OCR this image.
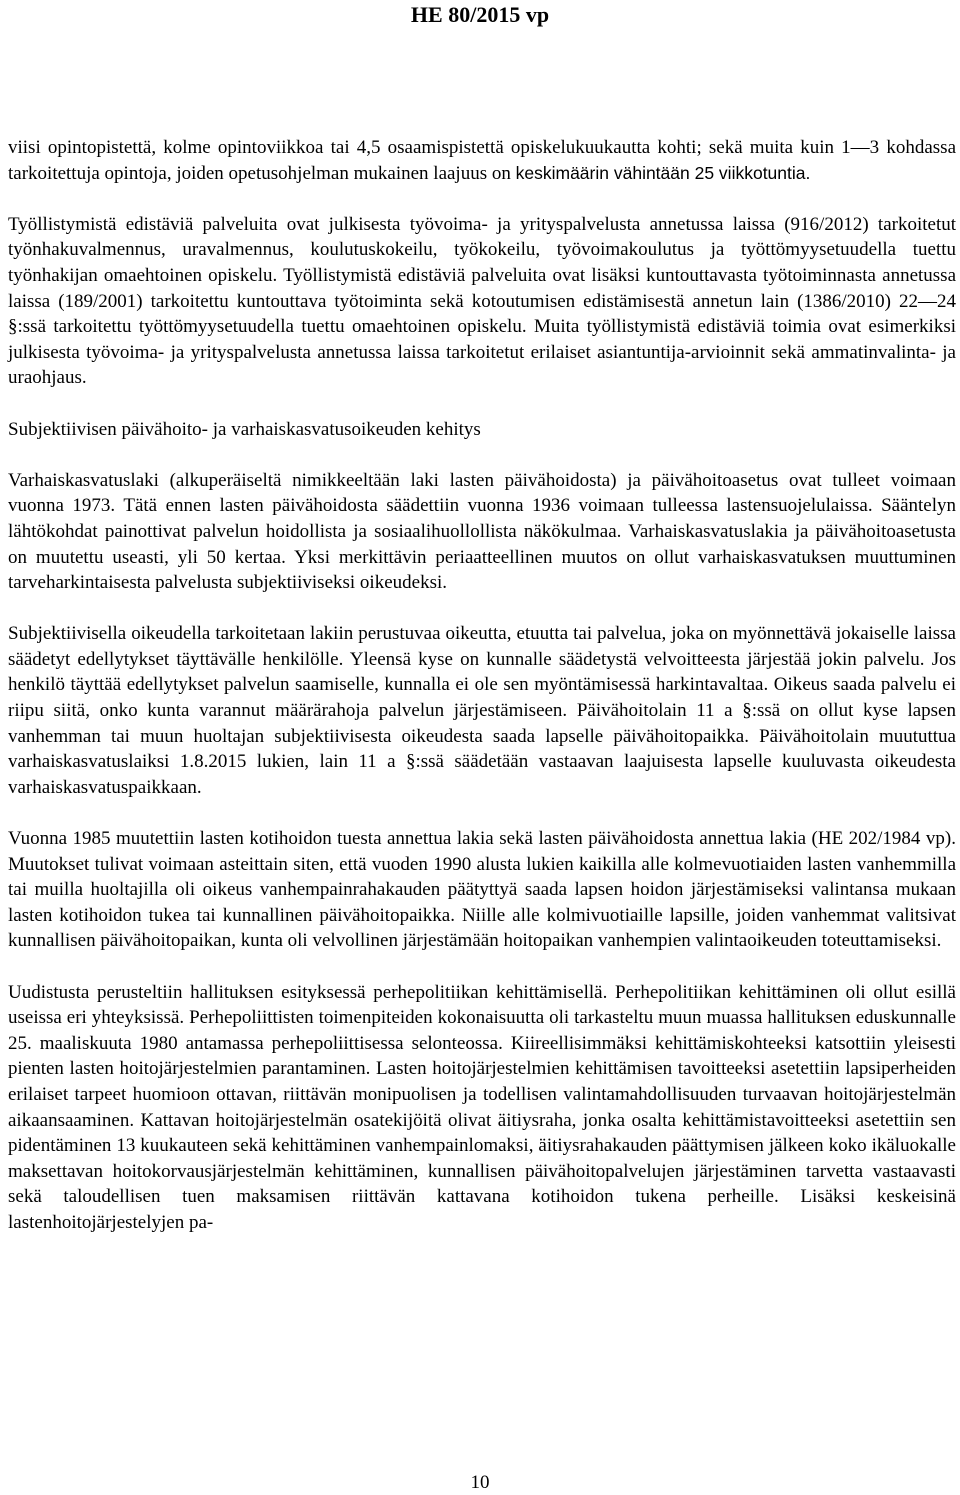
HE 80/2015 vp

viisi opintopistettä, kolme opintoviikkoa tai 4,5 osaamispistettä opiskelukuukautta kohti; sekä muita kuin 1—3 kohdassa tarkoitettuja opintoja, joiden opetusohjelman mukainen laajuus on keskimäärin vähintään 25 viikkotuntia.

Työllistymistä edistäviä palveluita ovat julkisesta työvoima- ja yrityspalvelusta annetussa laissa (916/2012) tarkoitetut työnhakuvalmennus, uravalmennus, koulutuskokeilu, työkokeilu, työvoimakoulutus ja työttömyysetuudella tuettu työnhakijan omaehtoinen opiskelu. Työllistymistä edistäviä palveluita ovat lisäksi kuntouttavasta työtoiminnasta annetussa laissa (189/2001) tarkoitettu kuntouttava työtoiminta sekä kotoutumisen edistämisestä annetun lain (1386/2010) 22—24 §:ssä tarkoitettu työttömyysetuudella tuettu omaehtoinen opiskelu. Muita työllistymistä edistäviä toimia ovat esimerkiksi julkisesta työvoima- ja yrityspalvelusta annetussa laissa tarkoitetut erilaiset asiantuntija-arvioinnit sekä ammatinvalinta- ja uraohjaus.

Subjektiivisen päivähoito- ja varhaiskasvatusoikeuden kehitys

Varhaiskasvatuslaki (alkuperäiseltä nimikkeeltään laki lasten päivähoidosta) ja päivähoitoasetus ovat tulleet voimaan vuonna 1973. Tätä ennen lasten päivähoidosta säädettiin vuonna 1936 voimaan tulleessa lastensuojelulaissa. Sääntelyn lähtökohdat painottivat palvelun hoidollista ja sosiaalihuollollista näkökulmaa. Varhaiskasvatuslakia ja päivähoitoasetusta on muutettu useasti, yli 50 kertaa. Yksi merkittävin periaatteellinen muutos on ollut varhaiskasvatuksen muuttuminen tarveharkintaisesta palvelusta subjektiiviseksi oikeudeksi.

Subjektiivisella oikeudella tarkoitetaan lakiin perustuvaa oikeutta, etuutta tai palvelua, joka on myönnettävä jokaiselle laissa säädetyt edellytykset täyttävälle henkilölle. Yleensä kyse on kunnalle säädetystä velvoitteesta järjestää jokin palvelu. Jos henkilö täyttää edellytykset palvelun saamiselle, kunnalla ei ole sen myöntämisessä harkintavaltaa. Oikeus saada palvelu ei riipu siitä, onko kunta varannut määrärahoja palvelun järjestämiseen. Päivähoitolain 11 a §:ssä on ollut kyse lapsen vanhemman tai muun huoltajan subjektiivisesta oikeudesta saada lapselle päivähoitopaikka. Päivähoitolain muututtua varhaiskasvatuslaiksi 1.8.2015 lukien, lain 11 a §:ssä säädetään vastaavan laajuisesta lapselle kuuluvasta oikeudesta varhaiskasvatuspaikkaan.

Vuonna 1985 muutettiin lasten kotihoidon tuesta annettua lakia sekä lasten päivähoidosta annettua lakia (HE 202/1984 vp). Muutokset tulivat voimaan asteittain siten, että vuoden 1990 alusta lukien kaikilla alle kolmevuotiaiden lasten vanhemmilla tai muilla huoltajilla oli oikeus vanhempainrahakauden päätyttyä saada lapsen hoidon järjestämiseksi valintansa mukaan lasten kotihoidon tukea tai kunnallinen päivähoitopaikka. Niille alle kolmivuotiaille lapsille, joiden vanhemmat valitsivat kunnallisen päivähoitopaikan, kunta oli velvollinen järjestämään hoitopaikan vanhempien valintaoikeuden toteuttamiseksi.

Uudistusta perusteltiin hallituksen esityksessä perhepolitiikan kehittämisellä. Perhepolitiikan kehittäminen oli ollut esillä useissa eri yhteyksissä. Perhepoliittisten toimenpiteiden kokonaisuutta oli tarkasteltu muun muassa hallituksen eduskunnalle 25. maaliskuuta 1980 antamassa perhepoliittisessa selonteossa. Kiireellisimmäksi kehittämiskohteeksi katsottiin yleisesti pienten lasten hoitojärjestelmien parantaminen. Lasten hoitojärjestelmien kehittämisen tavoitteeksi asetettiin lapsiperheiden erilaiset tarpeet huomioon ottavan, riittävän monipuolisen ja todellisen valintamahdollisuuden turvaavan hoitojärjestelmän aikaansaaminen. Kattavan hoitojärjestelmän osatekijöitä olivat äitiysraha, jonka osalta kehittämistavoitteeksi asetettiin sen pidentäminen 13 kuukauteen sekä kehittäminen vanhempainlomaksi, äitiysrahakauden päättymisen jälkeen koko ikäluokalle maksettavan hoitokorvausjärjestelmän kehittäminen, kunnallisen päivähoitopalvelujen järjestäminen tarvetta vastaavasti sekä taloudellisen tuen maksamisen riittävän kattavana kotihoidon tukena perheille. Lisäksi keskeisinä lastenhoitojärjestelyjen pa-

10
